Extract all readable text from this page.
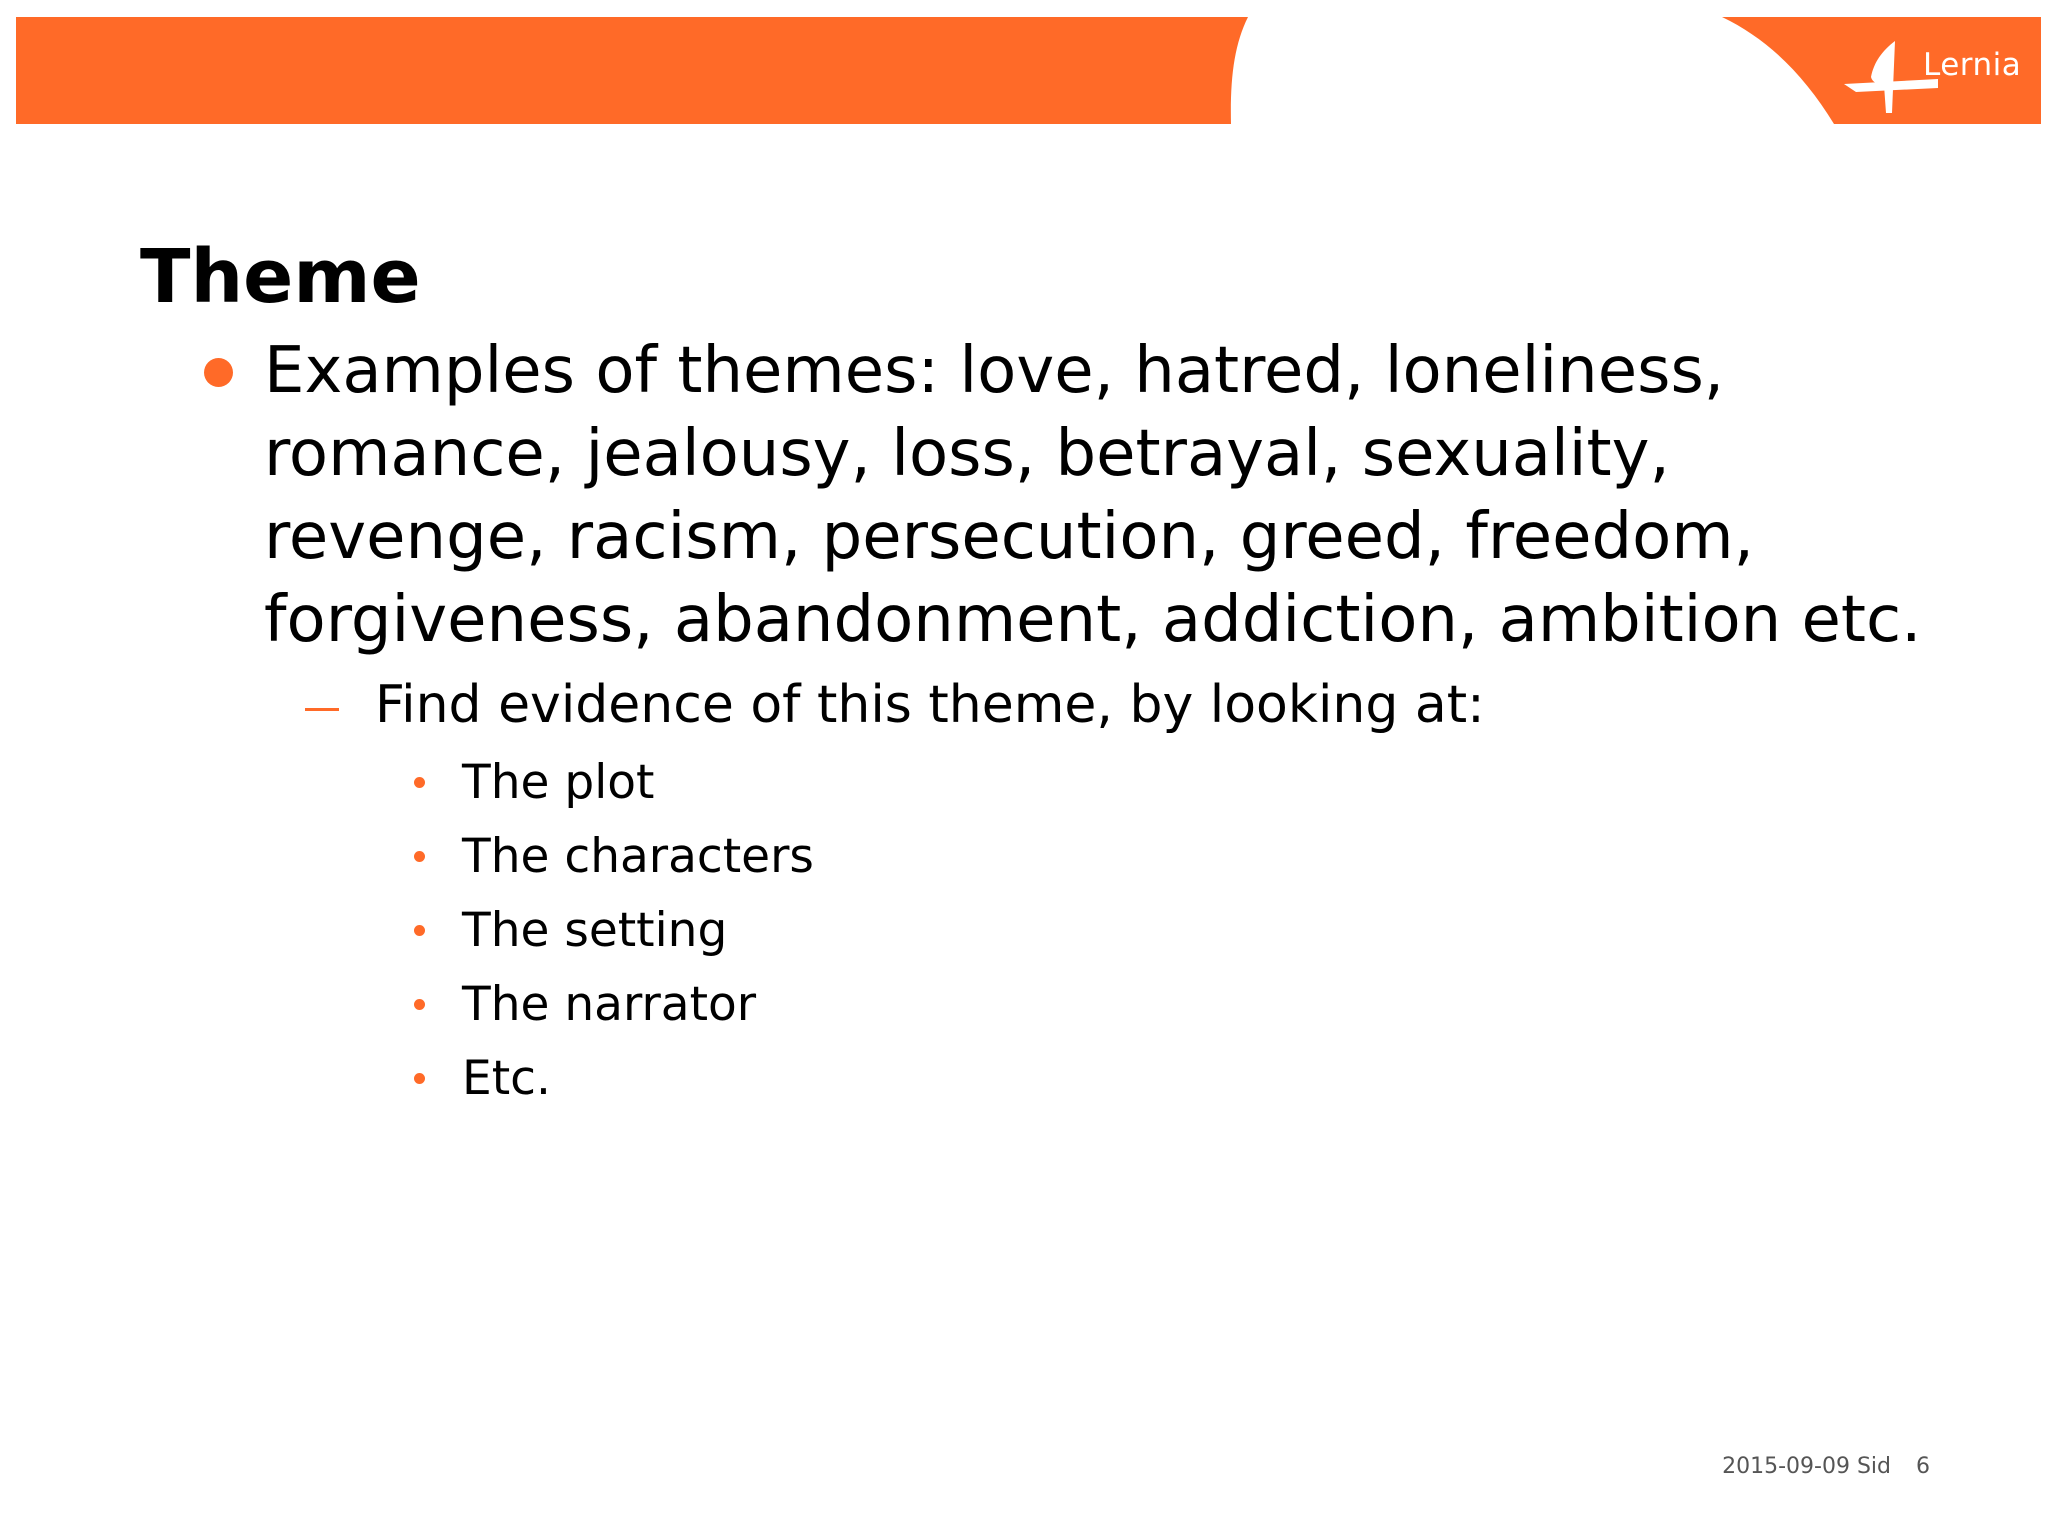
Lernia
Theme
Examples of themes: love, hatred, loneliness, romance, jealousy, loss, betrayal, sexuality, revenge, racism, persecution, greed, freedom, forgiveness, abandonment, addiction, ambition etc.
Find evidence of this theme, by looking at:
The plot
The characters
The setting
The narrator
Etc.
2015-09-09 Sid 6
